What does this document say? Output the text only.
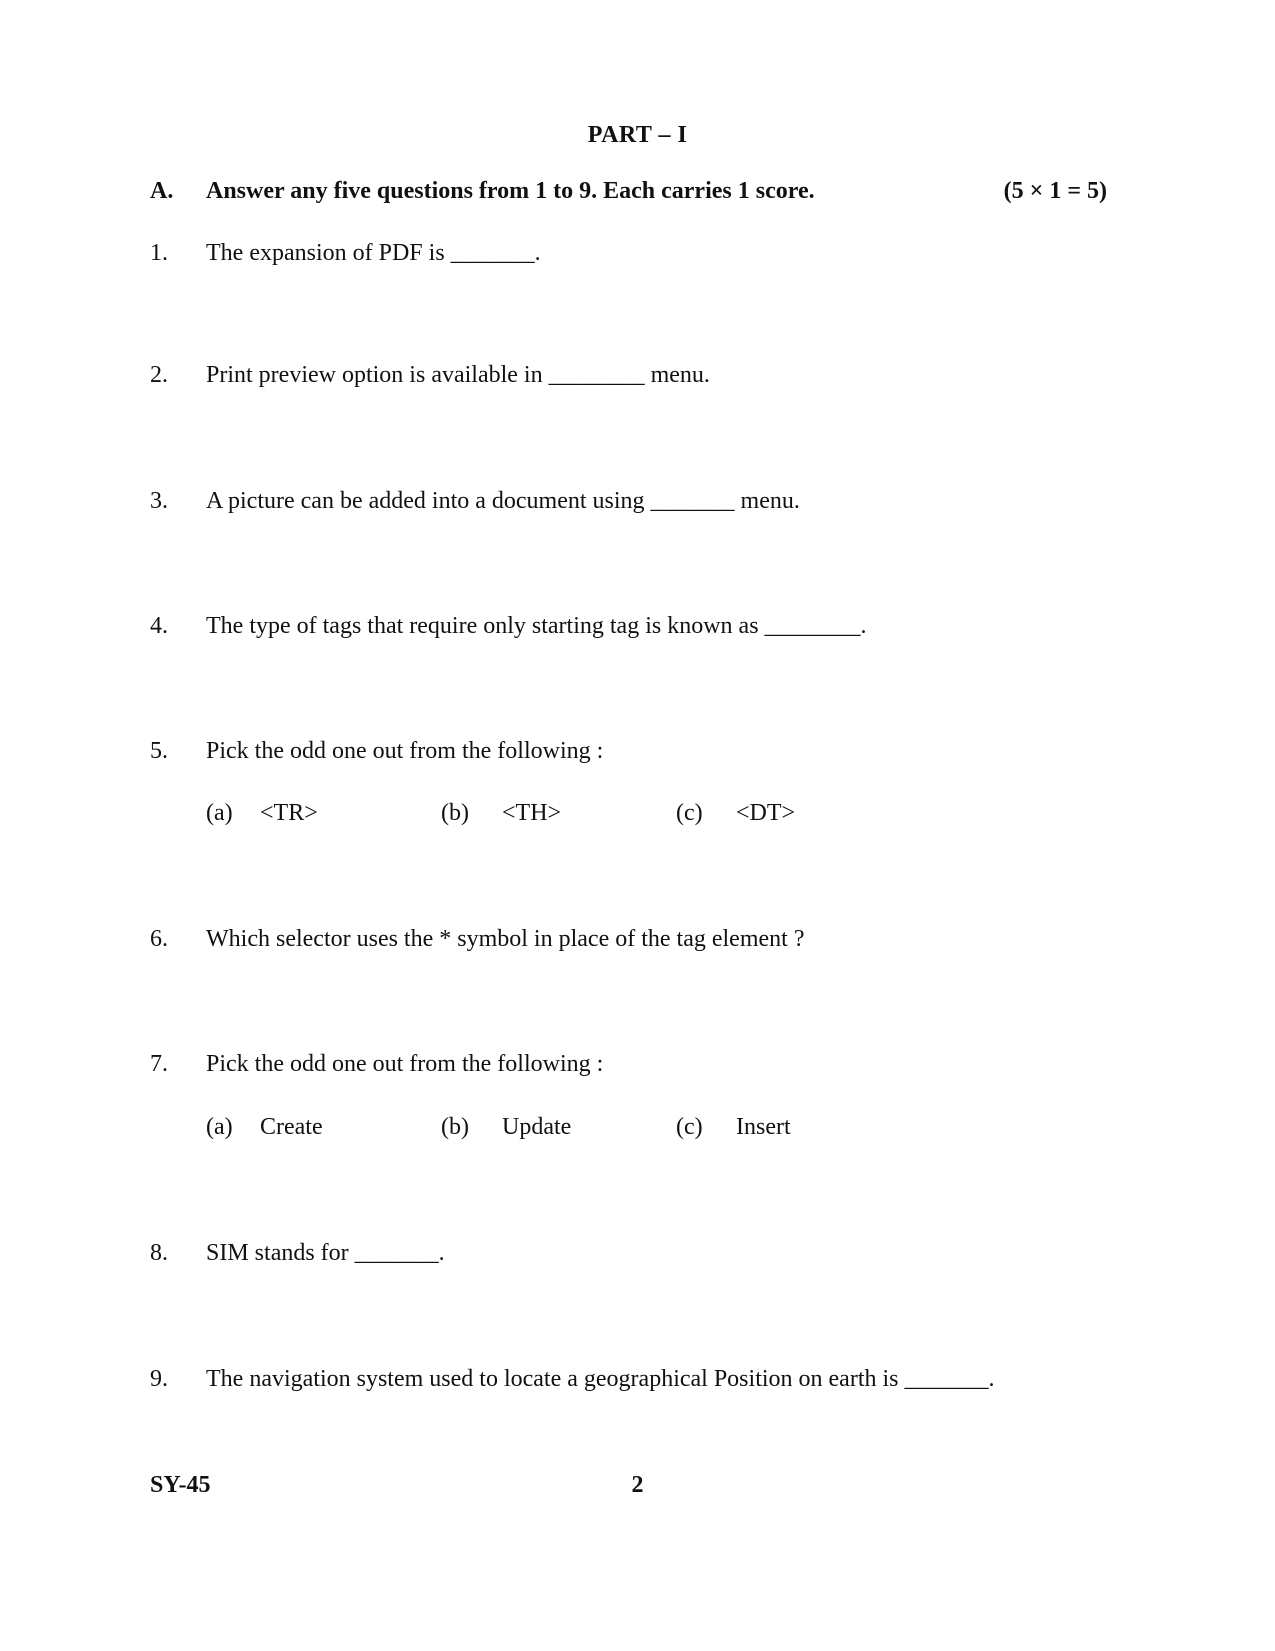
PART – I
A. Answer any five questions from 1 to 9. Each carries 1 score.	(5 × 1 = 5)
1. The expansion of PDF is _______.
2. Print preview option is available in ________ menu.
3. A picture can be added into a document using _______ menu.
4. The type of tags that require only starting tag is known as ________.
5. Pick the odd one out from the following :
(a) <TR>	(b) <TH>	(c) <DT>
6. Which selector uses the * symbol in place of the tag element ?
7. Pick the odd one out from the following :
(a) Create	(b) Update	(c) Insert
8. SIM stands for _______.
9. The navigation system used to locate a geographical Position on earth is _______.
SY-45	2
